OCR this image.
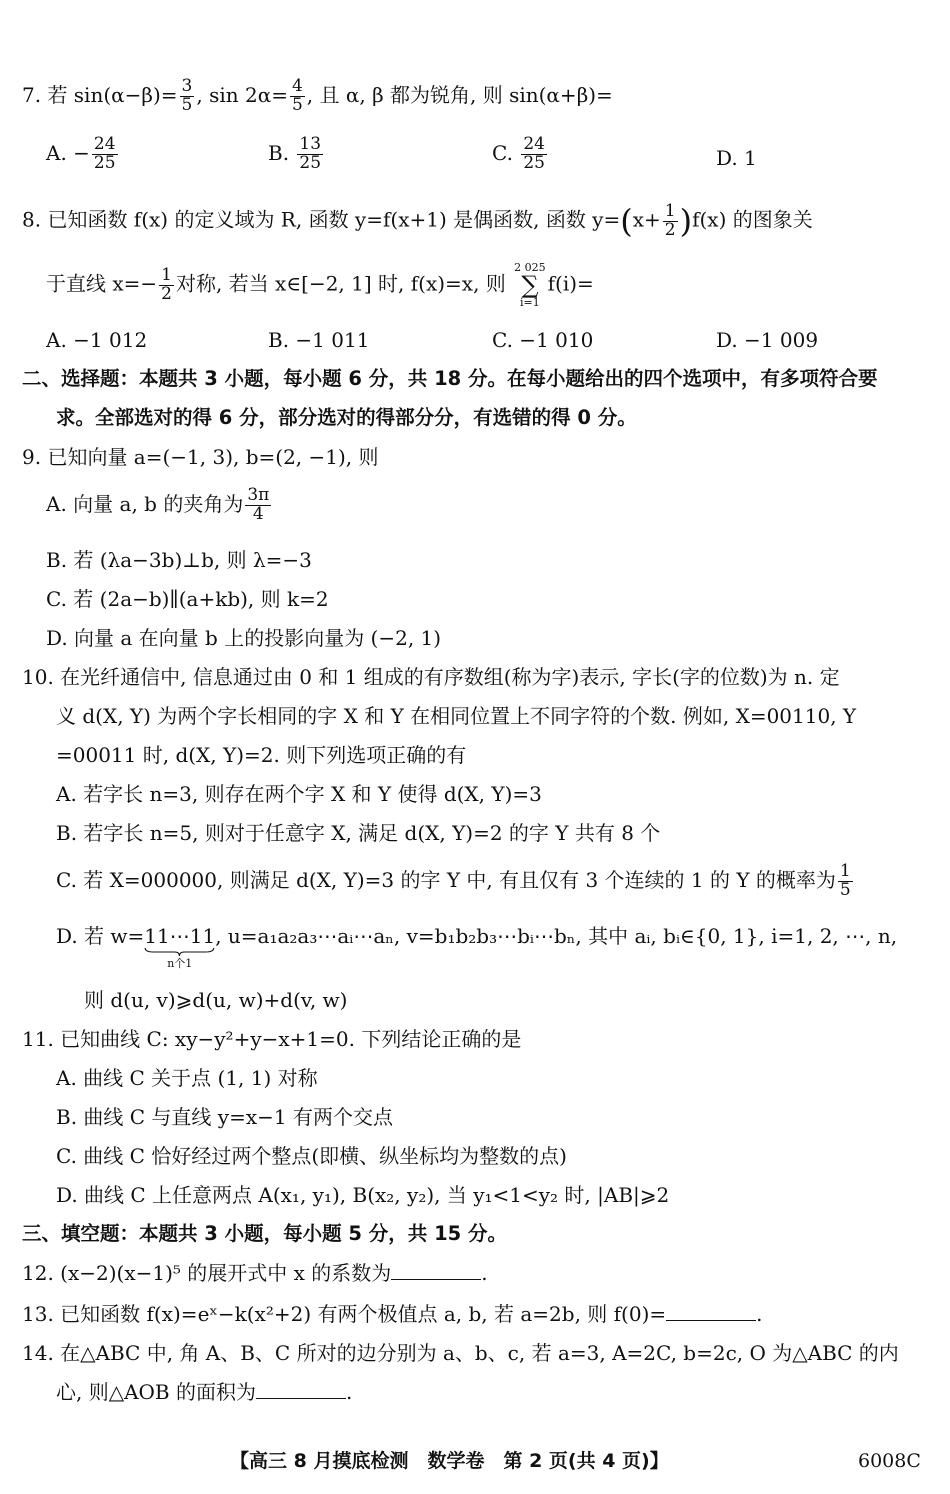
7. 若 $\sin(\alpha-\beta)= \frac{3}{5}$ , $\sin 2\alpha= \frac{4}{5}$ , 且 α, β 都为锐角, 则 sin(α+β)=
A. − $\frac{24}{25}$	B. $\frac{13}{25}$	C. $\frac{24}{25}$	D. 1
8. 已知函数 f(x) 的定义域为 R, 函数 y=f(x+1) 是偶函数, 函数 $y=(x+ \frac{1}{2} )f(x)$ 的图象关
于直线 $x=- \frac{1}{2}$ 对称, 若当 x∈[−2, 1] 时, f(x)=x, 则
2 025
∑
i=1
f(i)=
A. −1 012	B. −1 011	C. −1 010	D. −1 009
二、选择题：本题共 3 小题，每小题 6 分，共 18 分。在每小题给出的四个选项中，有多项符合要
求。全部选对的得 6 分，部分选对的得部分分，有选错的得 0 分。
9. 已知向量 a=(−1, 3), b=(2, −1), 则
A. 向量 a, b 的夹角为 $\frac{3\pi}{4}$
B. 若 (λa−3b)⊥b, 则 λ=−3
C. 若 (2a−b)∥(a+kb), 则 k=2
D. 向量 a 在向量 b 上的投影向量为 (−2, 1)
10. 在光纤通信中, 信息通过由 0 和 1 组成的有序数组(称为字)表示, 字长(字的位数)为 n. 定
义 d(X, Y) 为两个字长相同的字 X 和 Y 在相同位置上不同字符的个数. 例如, X=00110, Y
=00011 时, d(X, Y)=2. 则下列选项正确的有
A. 若字长 n=3, 则存在两个字 X 和 Y 使得 d(X, Y)=3
B. 若字长 n=5, 则对于任意字 X, 满足 d(X, Y)=2 的字 Y 共有 8 个
C. 若 X=000000, 则满足 d(X, Y)=3 的字 Y 中, 有且仅有 3 个连续的 1 的 Y 的概率为 $\frac{1}{5}$
D. 若 w=11⋯11
n个1
, u=a₁a₂a₃⋯aᵢ⋯aₙ, v=b₁b₂b₃⋯bᵢ⋯bₙ, 其中 aᵢ, bᵢ∈{0, 1}, i=1, 2, ⋯, n,
则 d(u, v)⩾d(u, w)+d(v, w)
11. 已知曲线 C: xy−y²+y−x+1=0. 下列结论正确的是
A. 曲线 C 关于点 (1, 1) 对称
B. 曲线 C 与直线 y=x−1 有两个交点
C. 曲线 C 恰好经过两个整点(即横、纵坐标均为整数的点)
D. 曲线 C 上任意两点 A(x₁, y₁), B(x₂, y₂), 当 y₁<1<y₂ 时, |AB|⩾2
三、填空题：本题共 3 小题，每小题 5 分，共 15 分。
12. (x−2)(x−1)⁵ 的展开式中 x 的系数为	.
13. 已知函数 f(x)=eˣ−k(x²+2) 有两个极值点 a, b, 若 a=2b, 则 f(0)=	.
14. 在△ABC 中, 角 A、B、C 所对的边分别为 a、b、c, 若 a=3, A=2C, b=2c, O 为△ABC 的内
心, 则△AOB 的面积为	.
【高三 8 月摸底检测　数学卷　第 2 页(共 4 页)】	6008C
